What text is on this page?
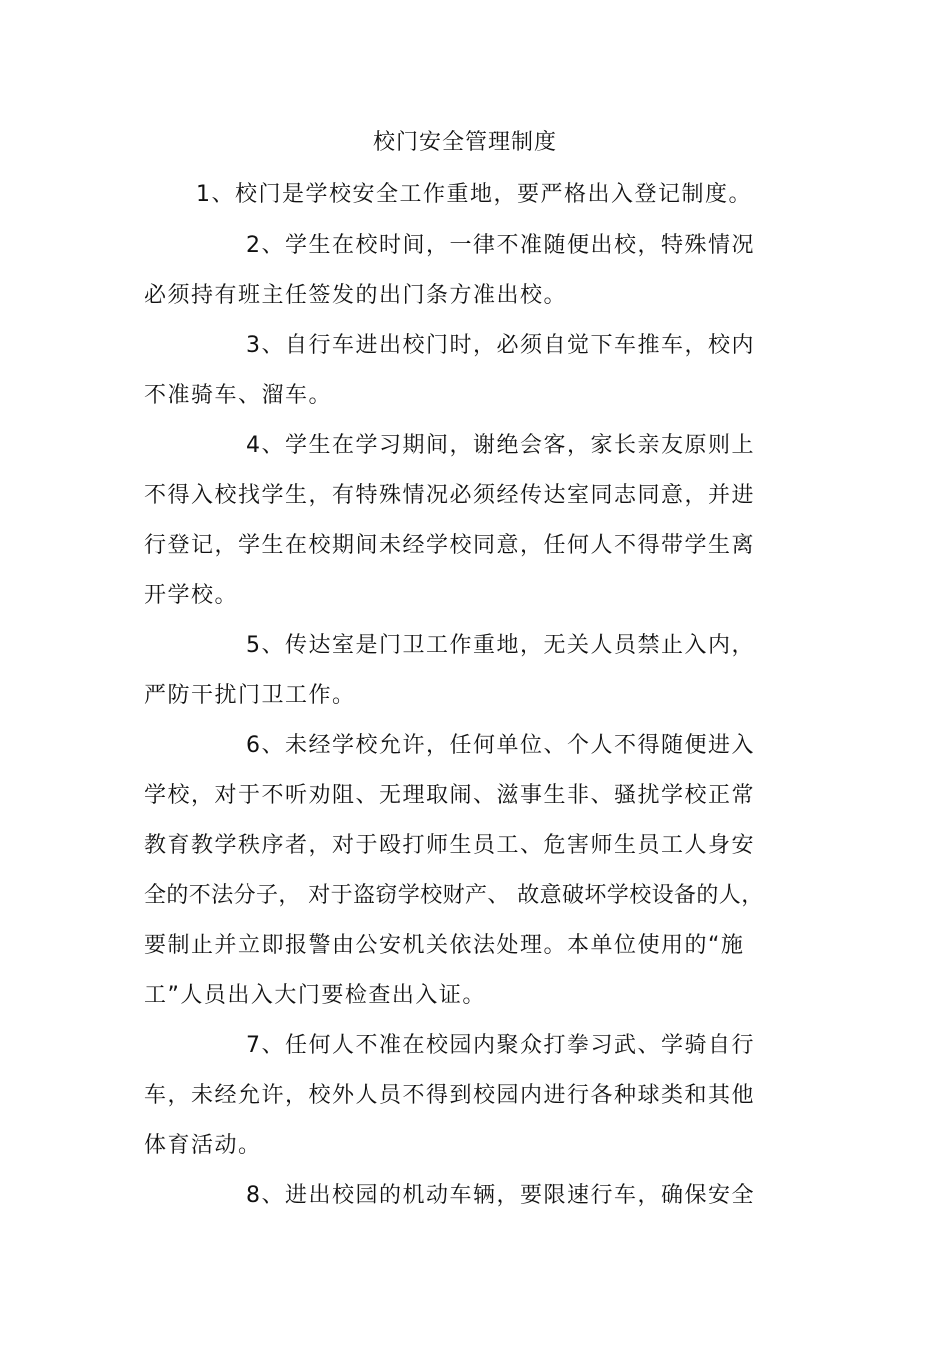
校门安全管理制度
1、校门是学校安全工作重地，要严格出入登记制度。
2、学生在校时间，一律不准随便出校，特殊情况
必须持有班主任签发的出门条方准出校。
3、自行车进出校门时，必须自觉下车推车，校内
不准骑车、溜车。
4、学生在学习期间，谢绝会客，家长亲友原则上
不得入校找学生，有特殊情况必须经传达室同志同意，并进
行登记，学生在校期间未经学校同意，任何人不得带学生离
开学校。
5、传达室是门卫工作重地，无关人员禁止入内，
严防干扰门卫工作。
6、未经学校允许，任何单位、个人不得随便进入
学校，对于不听劝阻、无理取闹、滋事生非、骚扰学校正常
教育教学秩序者，对于殴打师生员工、危害师生员工人身安
全的不法分子， 对于盗窃学校财产、 故意破坏学校设备的人，
要制止并立即报警由公安机关依法处理。本单位使用的“施
工”人员出入大门要检查出入证。
7、任何人不准在校园内聚众打拳习武、学骑自行
车，未经允许，校外人员不得到校园内进行各种球类和其他
体育活动。
8、进出校园的机动车辆，要限速行车，确保安全
